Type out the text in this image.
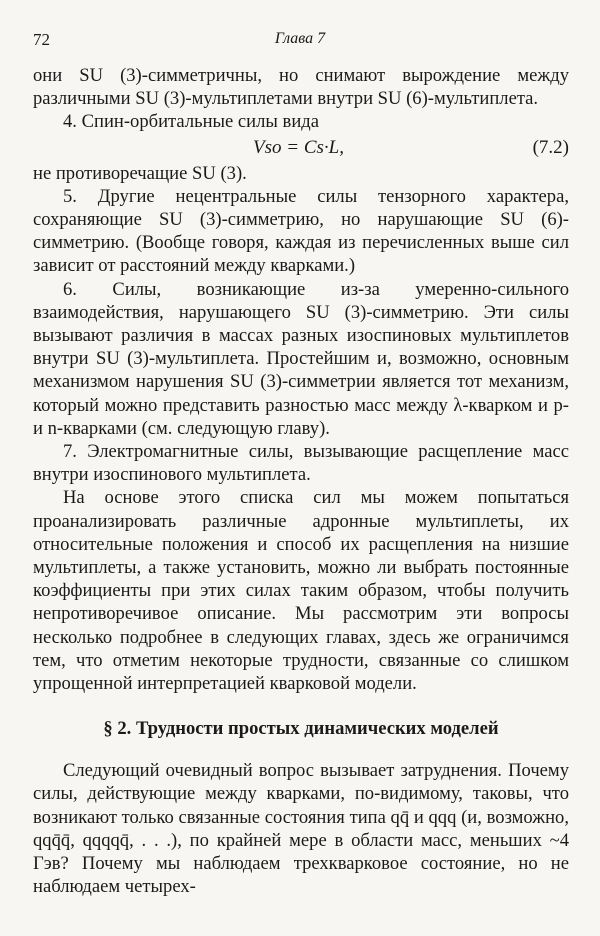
72	Глава 7

они SU (3)-симметричны, но снимают вырождение между различными SU (3)-мультиплетами внутри SU (6)-мультиплета.

4. Спин-орбитальные силы вида

Vso = Cs·L,	(7.2)

не противоречащие SU (3).

5. Другие нецентральные силы тензорного характера, сохраняющие SU (3)-симметрию, но нарушающие SU (6)-симметрию. (Вообще говоря, каждая из перечисленных выше сил зависит от расстояний между кварками.)

6. Силы, возникающие из-за умеренно-сильного взаимодействия, нарушающего SU (3)-симметрию. Эти силы вызывают различия в массах разных изоспиновых мультиплетов внутри SU (3)-мультиплета. Простейшим и, возможно, основным механизмом нарушения SU (3)-симметрии является тот механизм, который можно представить разностью масс между λ-кварком и p- и n-кварками (см. следующую главу).

7. Электромагнитные силы, вызывающие расщепление масс внутри изоспинового мультиплета.

На основе этого списка сил мы можем попытаться проанализировать различные адронные мультиплеты, их относительные положения и способ их расщепления на низшие мультиплеты, а также установить, можно ли выбрать постоянные коэффициенты при этих силах таким образом, чтобы получить непротиворечивое описание. Мы рассмотрим эти вопросы несколько подробнее в следующих главах, здесь же ограничимся тем, что отметим некоторые трудности, связанные со слишком упрощенной интерпретацией кварковой модели.

§ 2. Трудности простых динамических моделей

Следующий очевидный вопрос вызывает затруднения. Почему силы, действующие между кварками, по-видимому, таковы, что возникают только связанные состояния типа qq̄ и qqq (и, возможно, qqq̄q̄, qqqqq̄, . . .), по крайней мере в области масс, меньших ~4 Гэв? Почему мы наблюдаем трехкварковое состояние, но не наблюдаем четырех-
